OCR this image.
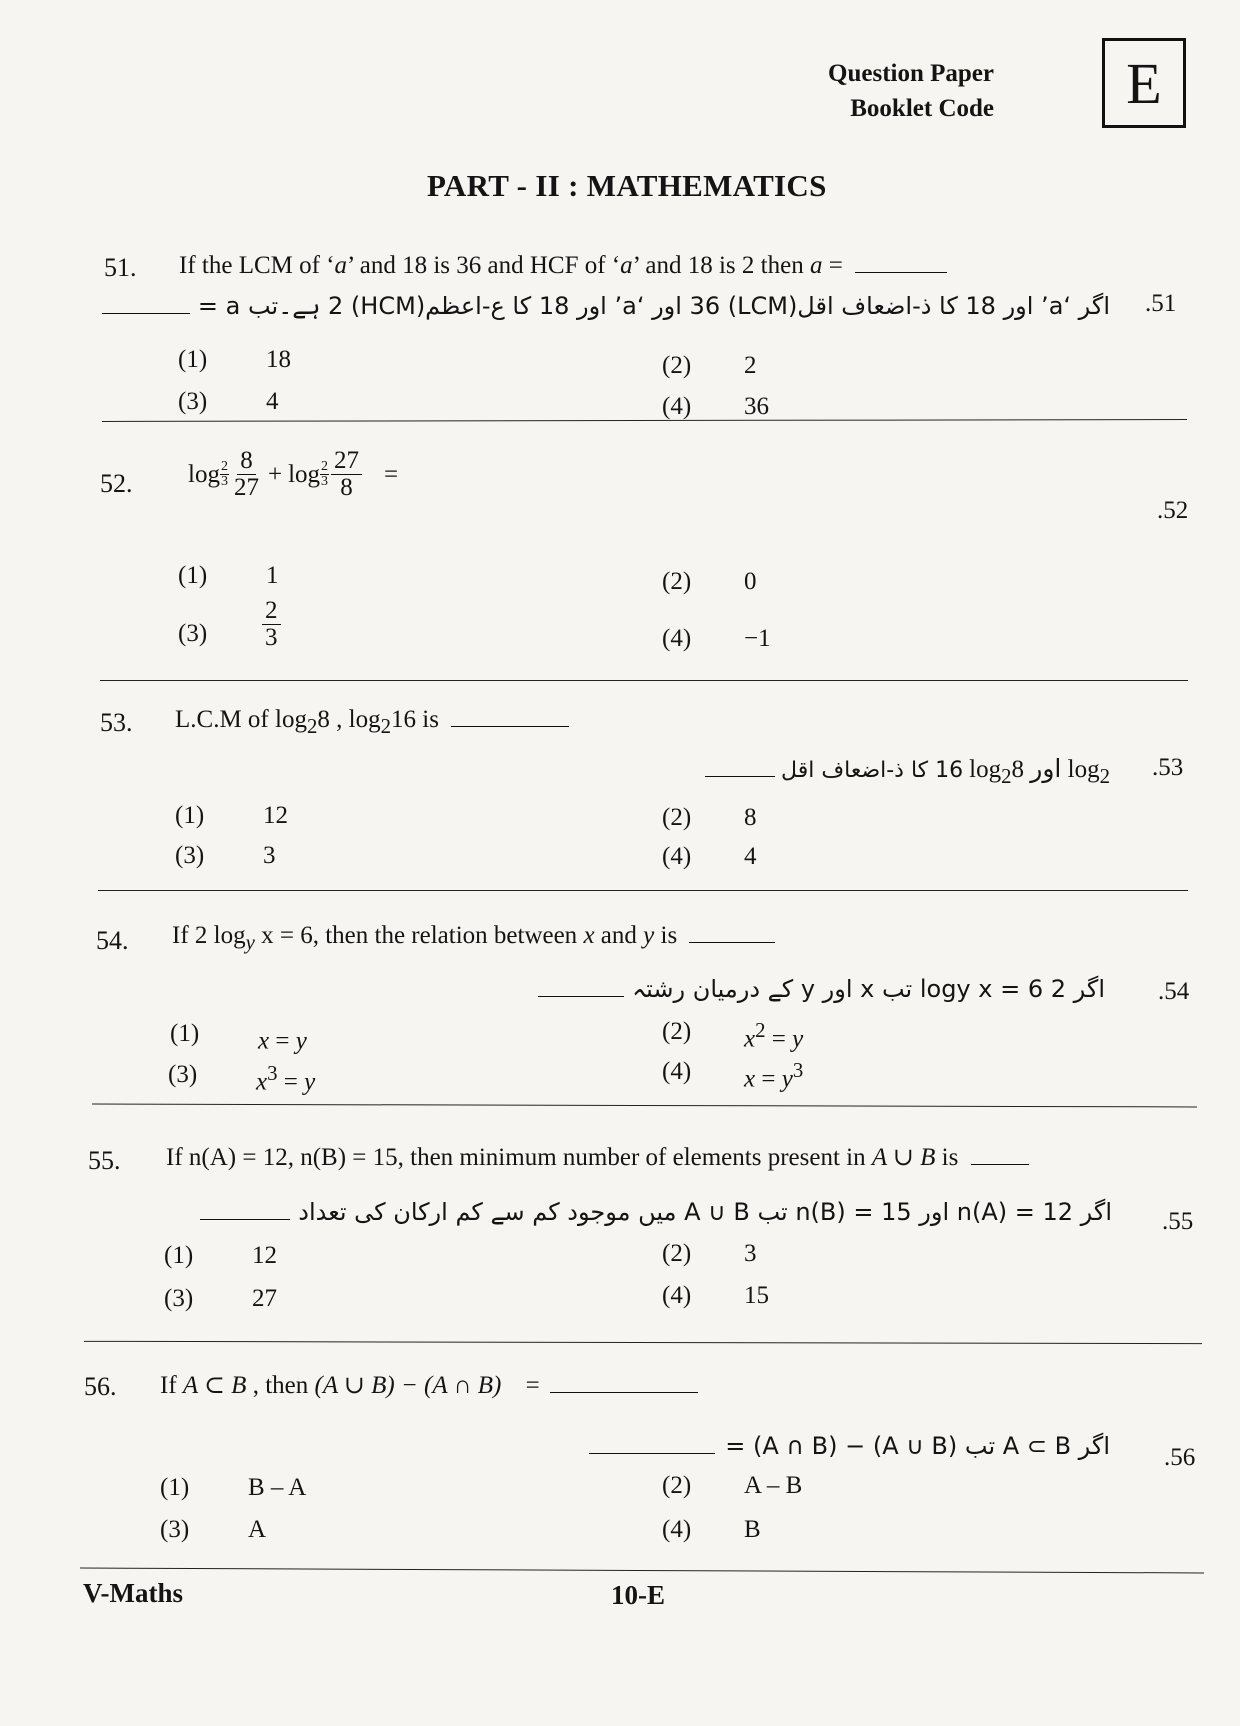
Question Paper
Booklet Code E
PART - II : MATHEMATICS
51. If the LCM of ‘a’ and 18 is 36 and HCF of ‘a’ and 18 is 2 then a =
.51
اگر ‘a’ اور 18 کا ذ-اضعاف اقل(LCM) 36 اور ‘a’ اور 18 کا ع-اعظم(HCM) 2 ہے۔تب a =
(1) 18	(2) 2
(3) 4	(4) 36
52. $\log \frac{2}{3} \frac{8}{27} + \log \frac{2}{3} \frac{27}{8}$ =
.52
(1) 1	(2) 0
$(3) \frac{2}{3}$	(4) −1
53. L.C.M of $\log_28$ , $\log_216$ is
.53
16 کا ذ-اضعاف اقل $\log_28$ اور $\log_2$
(1) 12	(2) 8
(3) 3	(4) 4
54. If 2 $\log_y x = 6$, then the relation between x and y is
.54
اگر 2 logy x = 6 تب x اور y کے درمیان رشتہ
(1) x = y	(2) $x^2 = y$
(3) $x^3 = y$	(4) $x = y^3$
55. If n(A) = 12, n(B) = 15, then minimum number of elements present in A ∪ B is
.55
اگر n(A) = 12 اور n(B) = 15 تب A ∪ B میں موجود کم سے کم ارکان کی تعداد
(1) 12	(2) 3
(3) 27	(4) 15
56. If A ⊂ B , then (A ∪ B) − (A ∩ B) =
.56
اگر A ⊂ B تب (A ∪ B) − (A ∩ B) =
(1) B – A	(2) A – B
(3) A	(4) B
V-Maths	10-E
